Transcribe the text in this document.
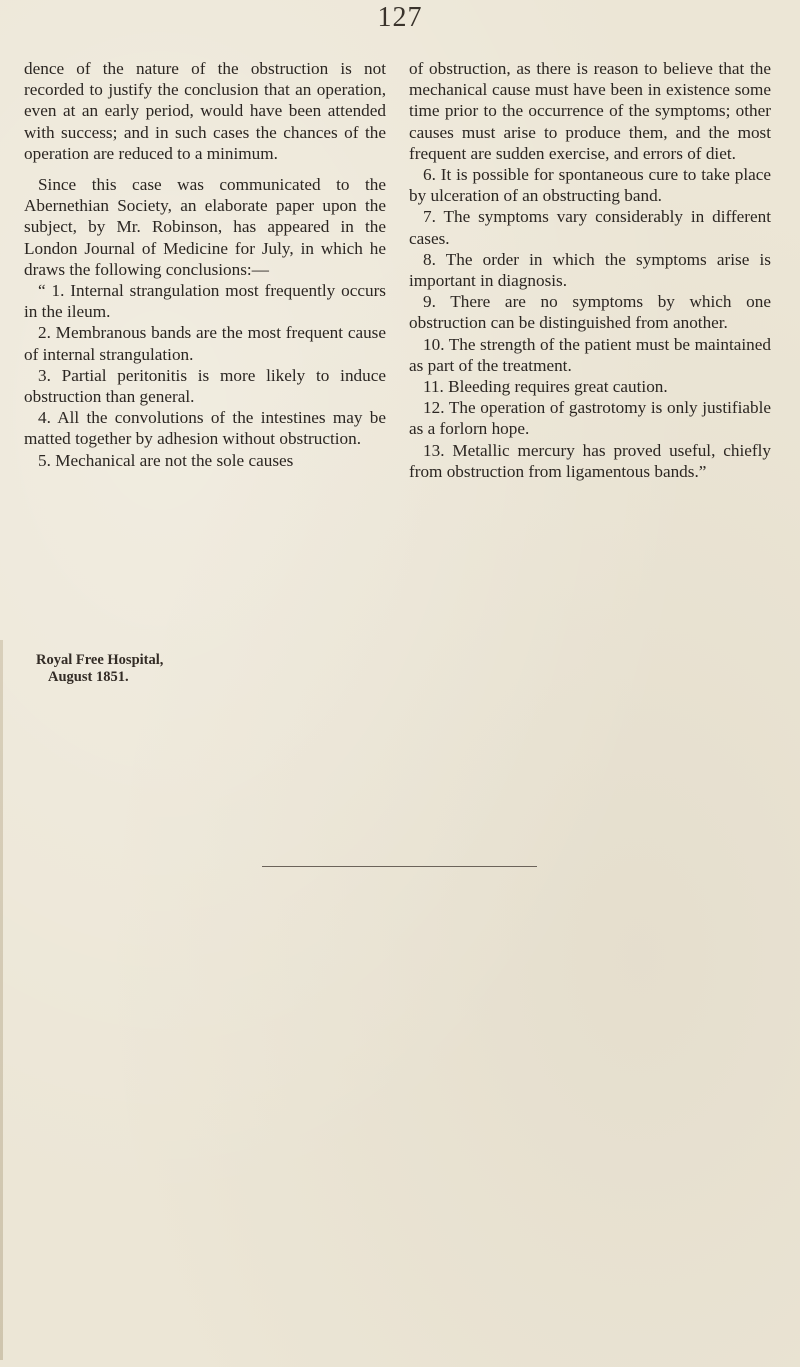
127

dence of the nature of the obstruction is not recorded to justify the conclusion that an operation, even at an early period, would have been attended with success; and in such cases the chances of the operation are reduced to a minimum.

Since this case was communicated to the Abernethian Society, an elaborate paper upon the subject, by Mr. Robinson, has appeared in the London Journal of Medicine for July, in which he draws the following conclusions:—

“ 1. Internal strangulation most frequently occurs in the ileum.

2. Membranous bands are the most frequent cause of internal strangulation.

3. Partial peritonitis is more likely to induce obstruction than general.

4. All the convolutions of the intestines may be matted together by adhesion without obstruction.

5. Mechanical are not the sole causes

of obstruction, as there is reason to believe that the mechanical cause must have been in existence some time prior to the occurrence of the symptoms; other causes must arise to produce them, and the most frequent are sudden exercise, and errors of diet.

6. It is possible for spontaneous cure to take place by ulceration of an obstructing band.

7. The symptoms vary considerably in different cases.

8. The order in which the symptoms arise is important in diagnosis.

9. There are no symptoms by which one obstruction can be distinguished from another.

10. The strength of the patient must be maintained as part of the treatment.

11. Bleeding requires great caution.

12. The operation of gastrotomy is only justifiable as a forlorn hope.

13. Metallic mercury has proved useful, chiefly from obstruction from ligamentous bands.”

Royal Free Hospital,
August 1851.
